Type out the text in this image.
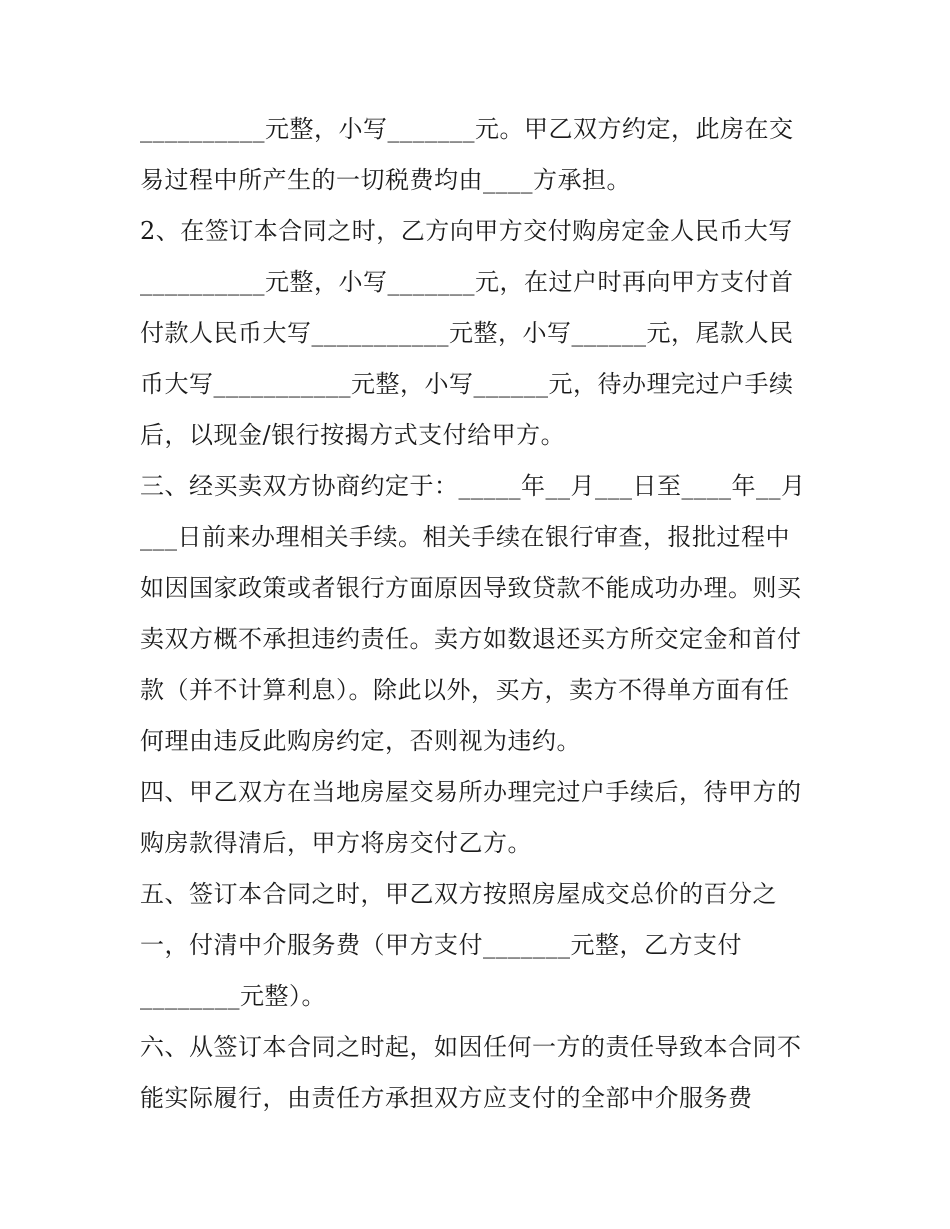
__________元整，小写_______元。甲乙双方约定，此房在交
易过程中所产生的一切税费均由____方承担。
2、在签订本合同之时，乙方向甲方交付购房定金人民币大写
__________元整，小写_______元，在过户时再向甲方支付首
付款人民币大写___________元整，小写______元，尾款人民
币大写___________元整，小写______元，待办理完过户手续
后，以现金/银行按揭方式支付给甲方。
三、经买卖双方协商约定于：_____年__月___日至____年__月
___日前来办理相关手续。相关手续在银行审查，报批过程中
如因国家政策或者银行方面原因导致贷款不能成功办理。则买
卖双方概不承担违约责任。卖方如数退还买方所交定金和首付
款（并不计算利息）。除此以外，买方，卖方不得单方面有任
何理由违反此购房约定，否则视为违约。
四、甲乙双方在当地房屋交易所办理完过户手续后，待甲方的
购房款得清后，甲方将房交付乙方。
五、签订本合同之时，甲乙双方按照房屋成交总价的百分之
一，付清中介服务费（甲方支付_______元整，乙方支付
________元整）。
六、从签订本合同之时起，如因任何一方的责任导致本合同不
能实际履行，由责任方承担双方应支付的全部中介服务费
